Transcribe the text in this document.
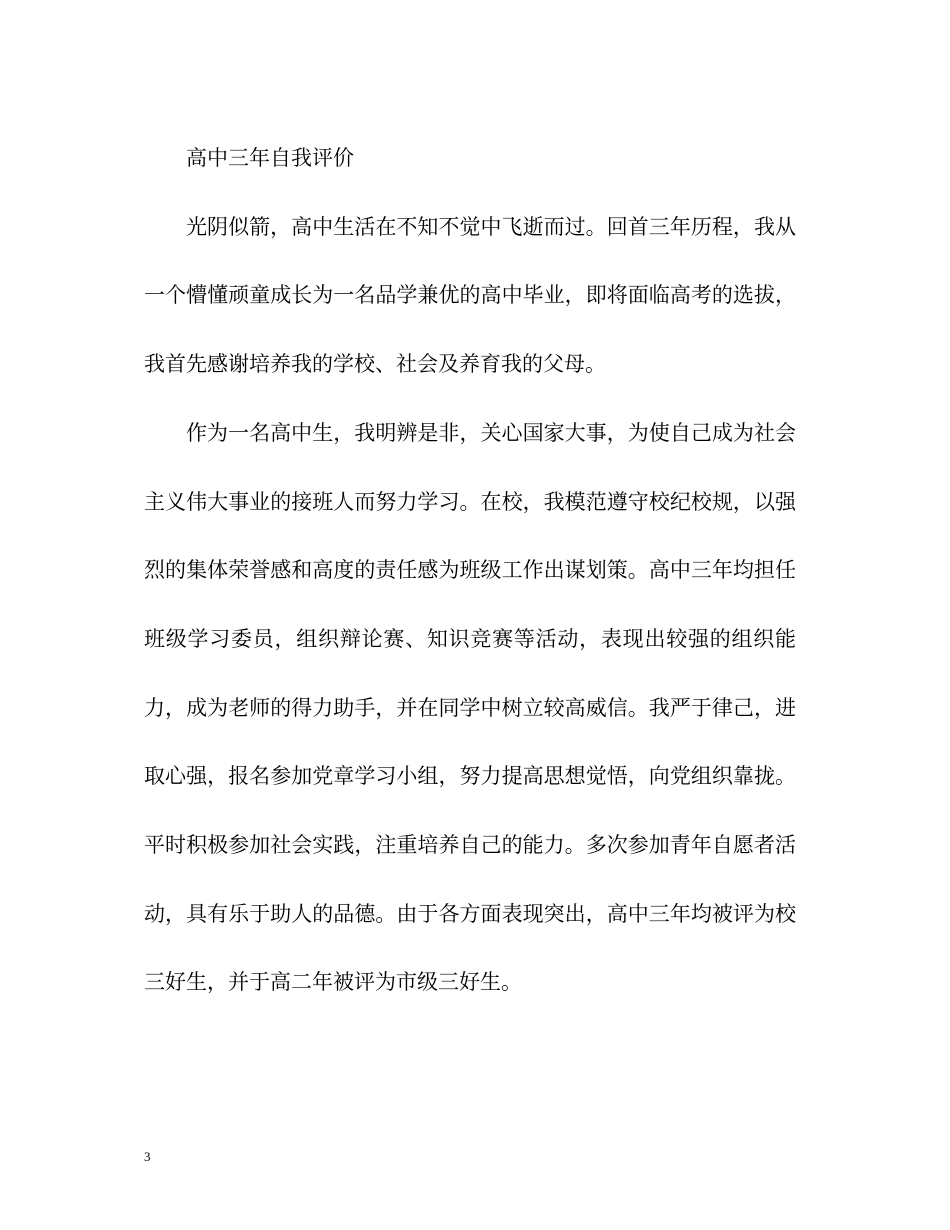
高中三年自我评价

光阴似箭，高中生活在不知不觉中飞逝而过。回首三年历程，我从一个懵懂顽童成长为一名品学兼优的高中毕业，即将面临高考的选拔，我首先感谢培养我的学校、社会及养育我的父母。

作为一名高中生，我明辨是非，关心国家大事，为使自己成为社会主义伟大事业的接班人而努力学习。在校，我模范遵守校纪校规，以强烈的集体荣誉感和高度的责任感为班级工作出谋划策。高中三年均担任班级学习委员，组织辩论赛、知识竞赛等活动，表现出较强的组织能力，成为老师的得力助手，并在同学中树立较高威信。我严于律己，进取心强，报名参加党章学习小组，努力提高思想觉悟，向党组织靠拢。平时积极参加社会实践，注重培养自己的能力。多次参加青年自愿者活动，具有乐于助人的品德。由于各方面表现突出，高中三年均被评为校三好生，并于高二年被评为市级三好生。

3
